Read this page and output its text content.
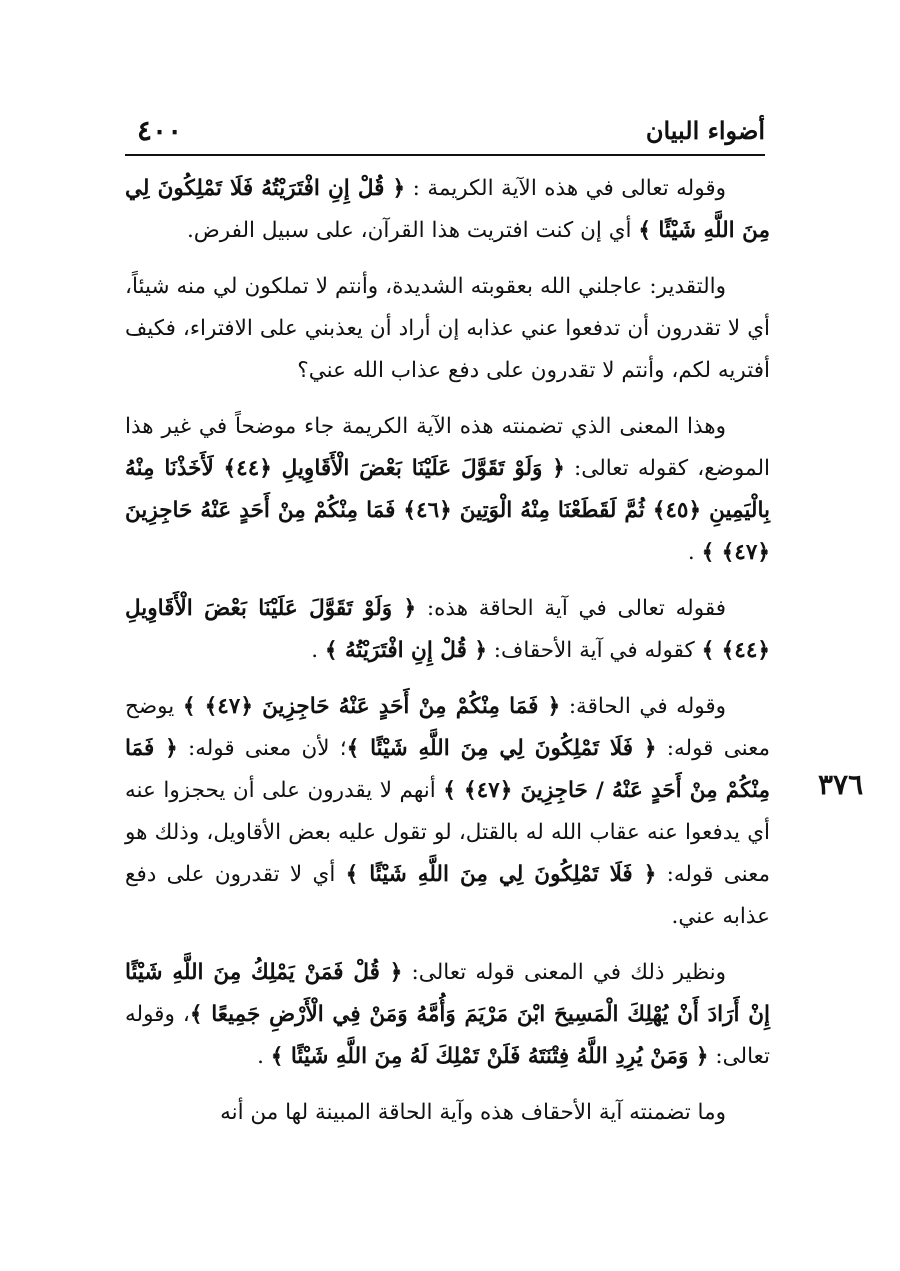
٤٠٠	أضواء البيان
٣٧٦

وقوله تعالى في هذه الآية الكريمة : ﴿ قُلْ إِنِ افْتَرَيْتُهُ فَلَا تَمْلِكُونَ لِي مِنَ اللَّهِ شَيْئًا ﴾ أي إن كنت افتريت هذا القرآن، على سبيل الفرض.

والتقدير: عاجلني الله بعقوبته الشديدة، وأنتم لا تملكون لي منه شيئاً، أي لا تقدرون أن تدفعوا عني عذابه إن أراد أن يعذبني على الافتراء، فكيف أفتريه لكم، وأنتم لا تقدرون على دفع عذاب الله عني؟

وهذا المعنى الذي تضمنته هذه الآية الكريمة جاء موضحاً في غير هذا الموضع، كقوله تعالى: ﴿ وَلَوْ تَقَوَّلَ عَلَيْنَا بَعْضَ الْأَقَاوِيلِ ﴿٤٤﴾ لَأَخَذْنَا مِنْهُ بِالْيَمِينِ ﴿٤٥﴾ ثُمَّ لَقَطَعْنَا مِنْهُ الْوَتِينَ ﴿٤٦﴾ فَمَا مِنْكُمْ مِنْ أَحَدٍ عَنْهُ حَاجِزِينَ ﴿٤٧﴾ ﴾ .

فقوله تعالى في آية الحاقة هذه: ﴿ وَلَوْ تَقَوَّلَ عَلَيْنَا بَعْضَ الْأَقَاوِيلِ ﴿٤٤﴾ ﴾ كقوله في آية الأحقاف: ﴿ قُلْ إِنِ افْتَرَيْتُهُ ﴾ .

وقوله في الحاقة: ﴿ فَمَا مِنْكُمْ مِنْ أَحَدٍ عَنْهُ حَاجِزِينَ ﴿٤٧﴾ ﴾ يوضح معنى قوله: ﴿ فَلَا تَمْلِكُونَ لِي مِنَ اللَّهِ شَيْئًا ﴾؛ لأن معنى قوله: ﴿ فَمَا مِنْكُمْ مِنْ أَحَدٍ عَنْهُ / حَاجِزِينَ ﴿٤٧﴾ ﴾ أنهم لا يقدرون على أن يحجزوا عنه أي يدفعوا عنه عقاب الله له بالقتل، لو تقول عليه بعض الأقاويل، وذلك هو معنى قوله: ﴿ فَلَا تَمْلِكُونَ لِي مِنَ اللَّهِ شَيْئًا ﴾ أي لا تقدرون على دفع عذابه عني.

ونظير ذلك في المعنى قوله تعالى: ﴿ قُلْ فَمَنْ يَمْلِكُ مِنَ اللَّهِ شَيْئًا إِنْ أَرَادَ أَنْ يُهْلِكَ الْمَسِيحَ ابْنَ مَرْيَمَ وَأُمَّهُ وَمَنْ فِي الْأَرْضِ جَمِيعًا ﴾، وقوله تعالى: ﴿ وَمَنْ يُرِدِ اللَّهُ فِتْنَتَهُ فَلَنْ تَمْلِكَ لَهُ مِنَ اللَّهِ شَيْئًا ﴾ .

وما تضمنته آية الأحقاف هذه وآية الحاقة المبينة لها من أنه
